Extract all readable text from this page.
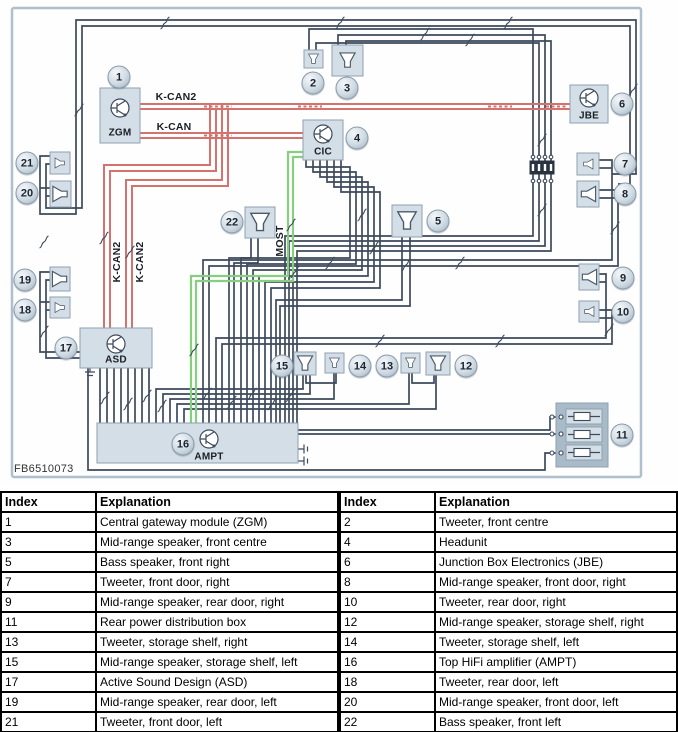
K-CAN2
K-CAN
K-CAN2 K-CAN2
MOST
ZGM
CIC
JBE
ASD
AMPT
FB6510073
1	2	3
4
5
6
7
8
9
10
11
12
13
14
15
16
17
18
19
20
21
22
Index	Explanation
1	Central gateway module (ZGM)
3	Mid-range speaker, front centre
5	Bass speaker, front right
7	Tweeter, front door, right
9	Mid-range speaker, rear door, right
11	Rear power distribution box
13	Tweeter, storage shelf, right
15	Mid-range speaker, storage shelf, left
17	Active Sound Design (ASD)
19	Mid-range speaker, rear door, left
21	Tweeter, front door, left
Index	Explanation
2	Tweeter, front centre
4	Headunit
6	Junction Box Electronics (JBE)
8	Mid-range speaker, front door, right
10	Tweeter, rear door, right
12	Mid-range speaker, storage shelf, right
14	Tweeter, storage shelf, left
16	Top HiFi amplifier (AMPT)
18	Tweeter, rear door, left
20	Mid-range speaker, front door, left
22	Bass speaker, front left
